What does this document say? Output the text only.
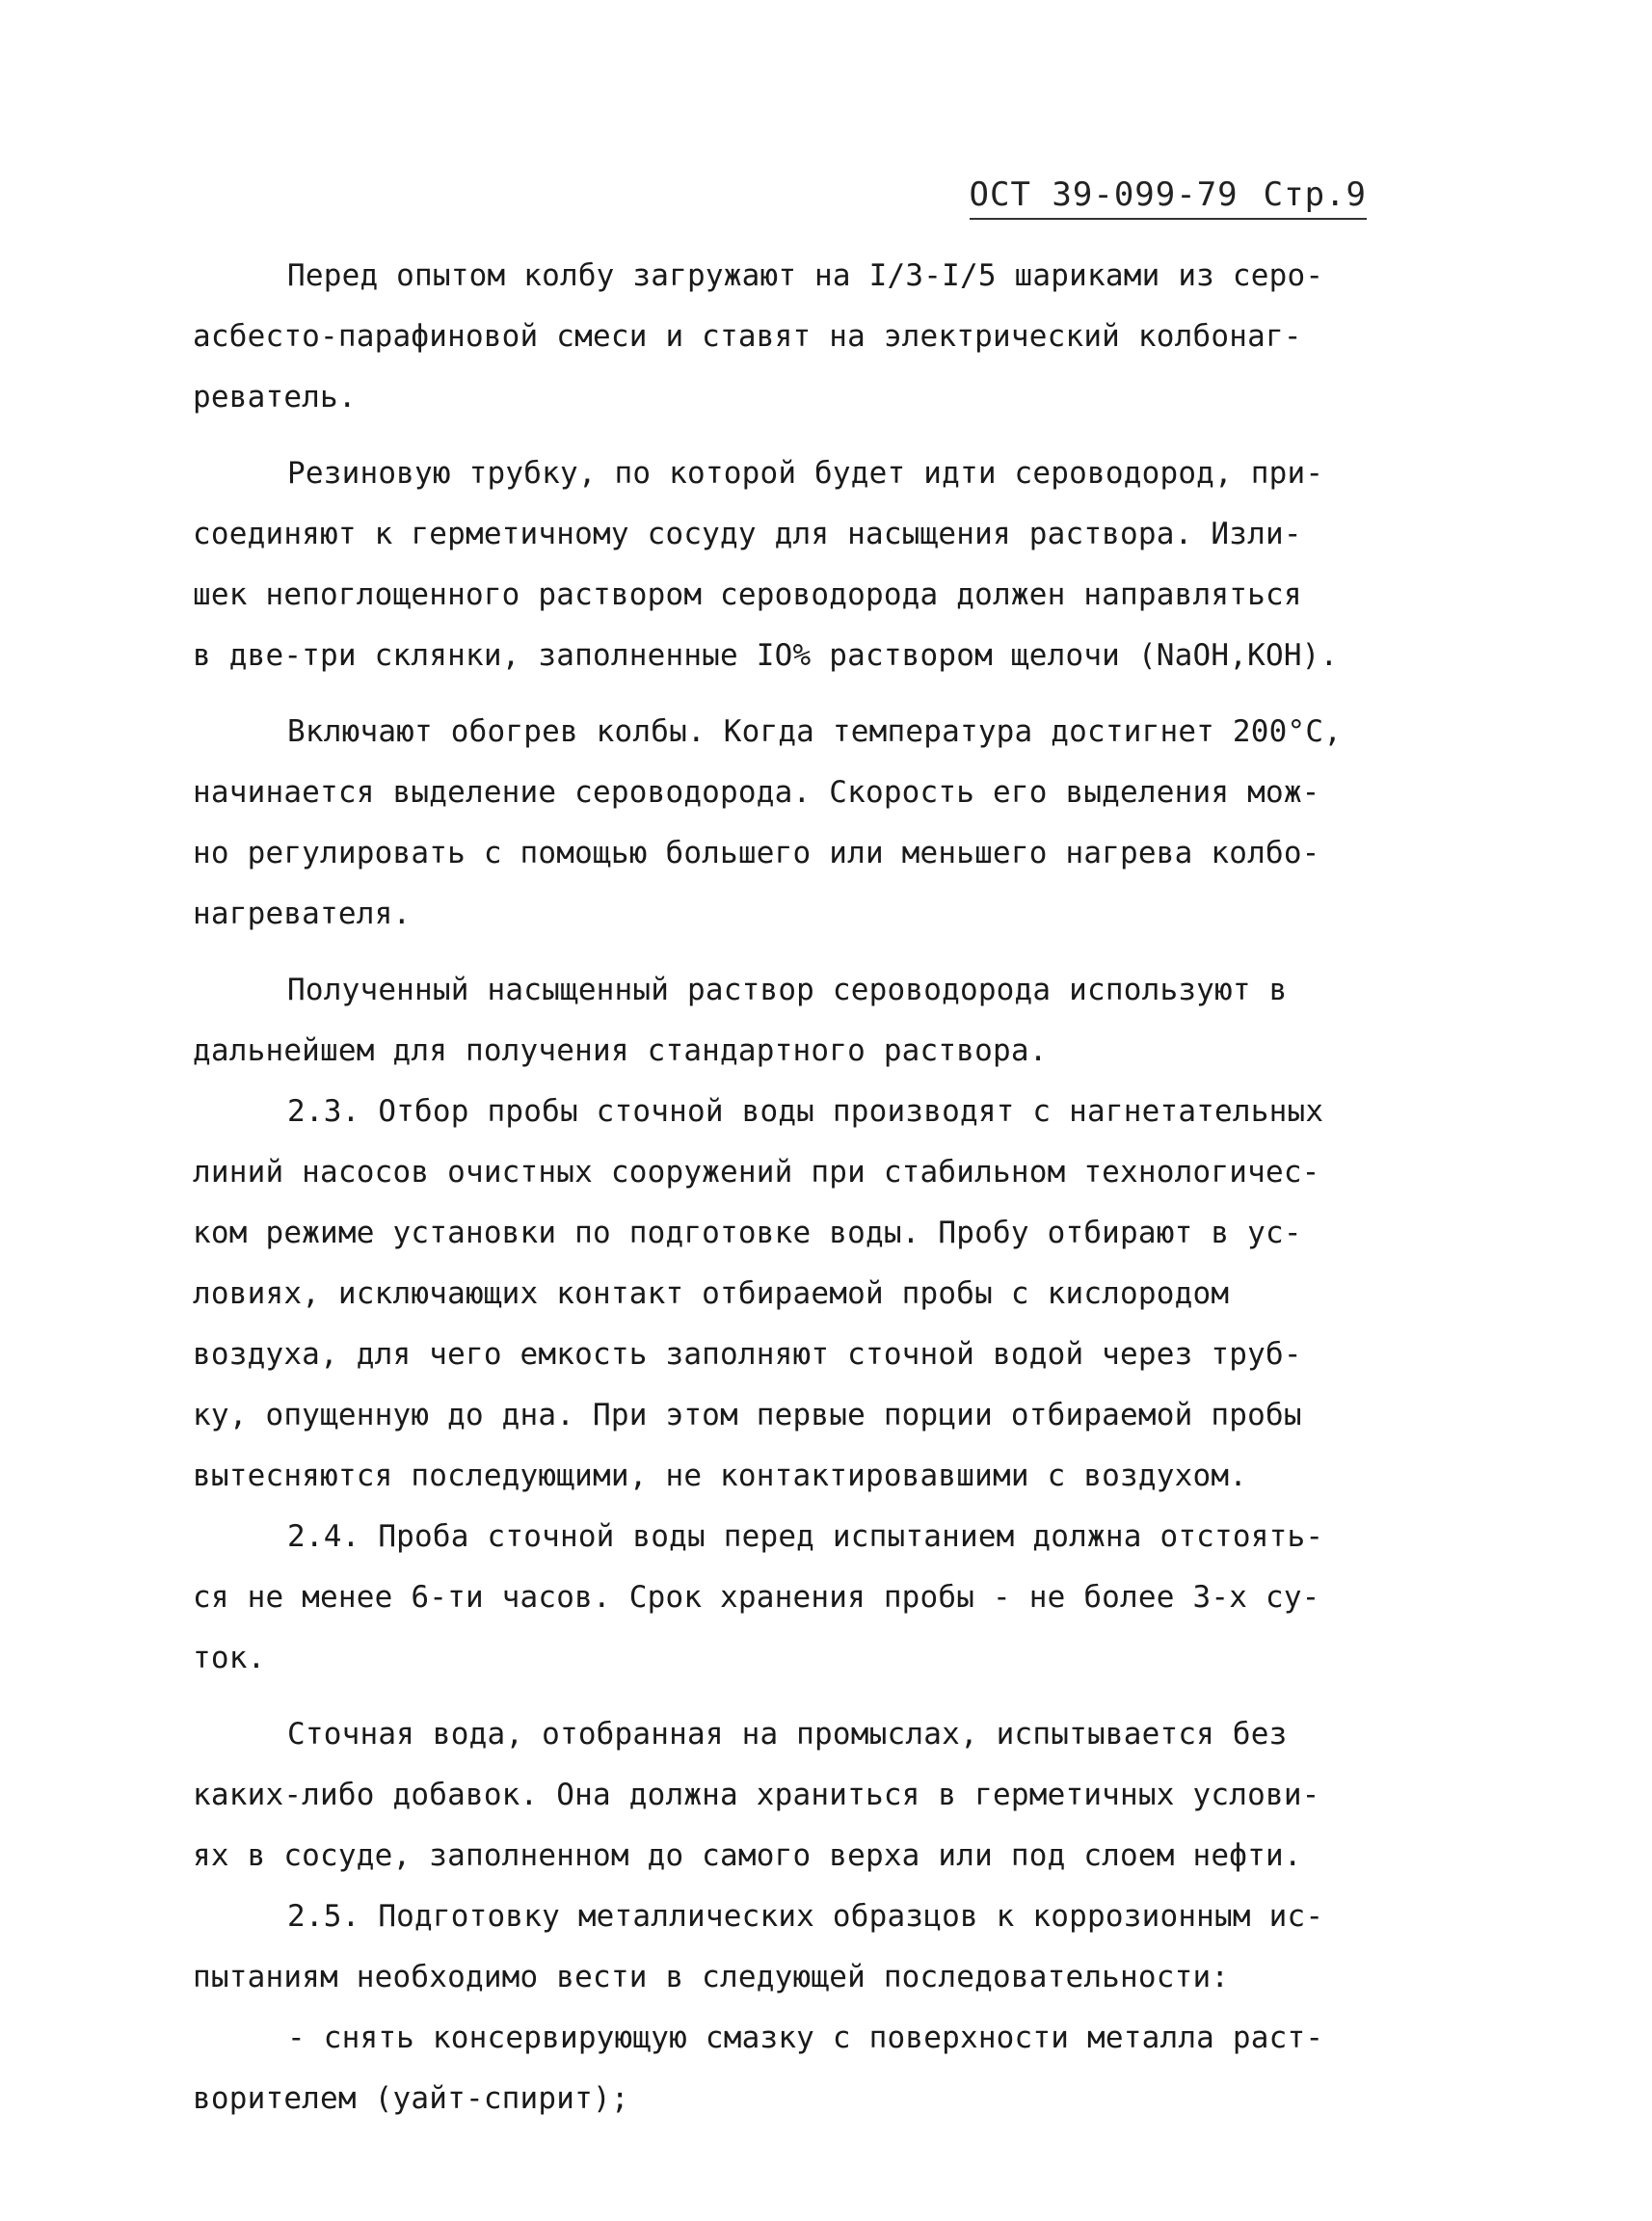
ОСТ 39-099-79 Стр.9
Перед опытом колбу загружают на I/3-I/5 шариками из серо-
асбесто-парафиновой смеси и ставят на электрический колбонаг-
реватель.
Резиновую трубку, по которой будет идти сероводород, при-
соединяют к герметичному сосуду для насыщения раствора. Изли-
шек непоглощенного раствором сероводорода должен направляться
в две-три склянки, заполненные IO% раствором щелочи (NaOH,KOH).
Включают обогрев колбы. Когда температура достигнет 200°C,
начинается выделение сероводорода. Скорость его выделения мож-
но регулировать с помощью большего или меньшего нагрева колбо-
нагревателя.
Полученный насыщенный раствор сероводорода используют в
дальнейшем для получения стандартного раствора.
2.3. Отбор пробы сточной воды производят с нагнетательных
линий насосов очистных сооружений при стабильном технологичес-
ком режиме установки по подготовке воды. Пробу отбирают в ус-
ловиях, исключающих контакт отбираемой пробы с кислородом
воздуха, для чего емкость заполняют сточной водой через труб-
ку, опущенную до дна. При этом первые порции отбираемой пробы
вытесняются последующими, не контактировавшими с воздухом.
2.4. Проба сточной воды перед испытанием должна отстоять-
ся не менее 6-ти часов. Срок хранения пробы - не более 3-х су-
ток.
Сточная вода, отобранная на промыслах, испытывается без
каких-либо добавок. Она должна храниться в герметичных услови-
ях в сосуде, заполненном до самого верха или под слоем нефти.
2.5. Подготовку металлических образцов к коррозионным ис-
пытаниям необходимо вести в следующей последовательности:
- снять консервирующую смазку с поверхности металла раст-
ворителем (уайт-спирит);
